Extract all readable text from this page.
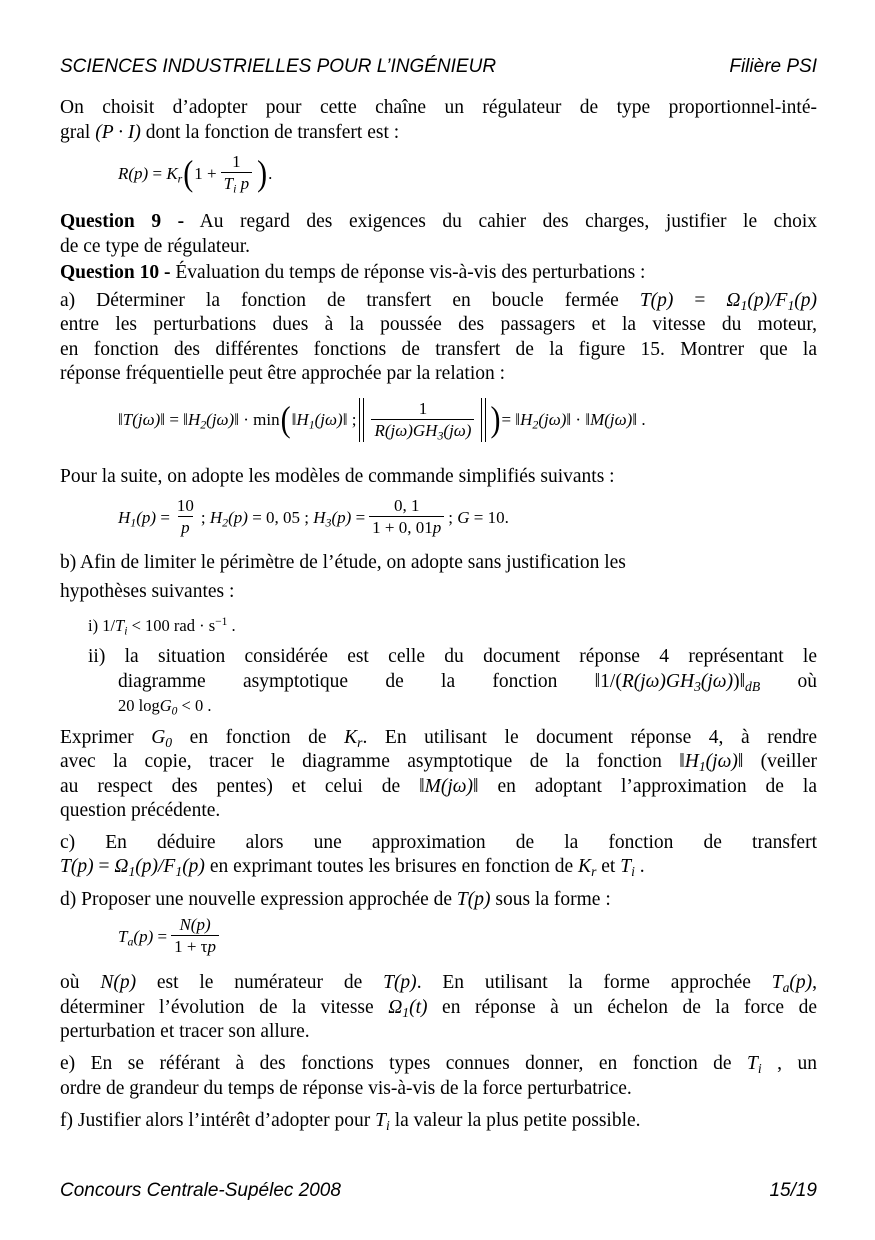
SCIENCES INDUSTRIELLES POUR L’INGÉNIEUR	Filière PSI
On choisit d’adopter pour cette chaîne un régulateur de type proportionnel-inté-
gral (P · I) dont la fonction de transfert est :
$R(p) = K_r$ ( $1 + \frac{1}{T_i p}$ ) .
Question 9 - Au regard des exigences du cahier des charges, justifier le choix
de ce type de régulateur.
Question 10 - Évaluation du temps de réponse vis-à-vis des perturbations :
a) Déterminer la fonction de transfert en boucle fermée $T(p) = \Omega_1(p)/F_1(p)$
entre les perturbations dues à la poussée des passagers et la vitesse du moteur,
en fonction des différentes fonctions de transfert de la figure 15. Montrer que la
réponse fréquentielle peut être approchée par la relation :
‖T(jω)‖ = $‖H_2(j\omega)‖ \cdot \min$ ( $‖H_1(j\omega)‖$ ; $\frac{1}{R(j\omega)GH_3(j\omega)}$ ) = $‖H_2(j\omega)‖$ · ‖M(jω)‖ .
Pour la suite, on adopte les modèles de commande simplifiés suivants :
$H_1(p) = \frac{10}{p}$ ; $H_2(p) = 0$, 05 ; $H_3(p) = \frac{0, 1}{1 + 0, 01p}$ ; G = 10.
b) Afin de limiter le périmètre de l’étude, on adopte sans justification les
hypothèses suivantes :
i) $1/T_i < 100$ rad · $s^{-1}$ .
ii) la situation considérée est celle du document réponse 4 représentant le
diagramme asymptotique de la fonction $‖1/(R(j\omega)GH_3(j\omega))‖_{dB}$ où
20 logG$_0$ < 0 .
Exprimer $G_0$ en fonction de $K_r$. En utilisant le document réponse 4, à rendre
avec la copie, tracer le diagramme asymptotique de la fonction $‖H_1(j\omega)‖$ (veiller
au respect des pentes) et celui de ‖M(jω)‖ en adoptant l’approximation de la
question précédente.
c) En déduire alors une approximation de la fonction de transfert
$T(p) = \Omega_1(p)/F_1(p)$ en exprimant toutes les brisures en fonction de $K_r$ et $T_i$ .
d) Proposer une nouvelle expression approchée de T(p) sous la forme :
$T_a(p) = \frac{N(p)}{1 + \tau p}$
où N(p) est le numérateur de T(p). En utilisant la forme approchée $T_a(p)$,
déterminer l’évolution de la vitesse $\Omega_1(t)$ en réponse à un échelon de la force de
perturbation et tracer son allure.
e) En se référant à des fonctions types connues donner, en fonction de $T_i$ , un
ordre de grandeur du temps de réponse vis-à-vis de la force perturbatrice.
f) Justifier alors l’intérêt d’adopter pour $T_i$ la valeur la plus petite possible.
Concours Centrale-Supélec 2008	15/19
